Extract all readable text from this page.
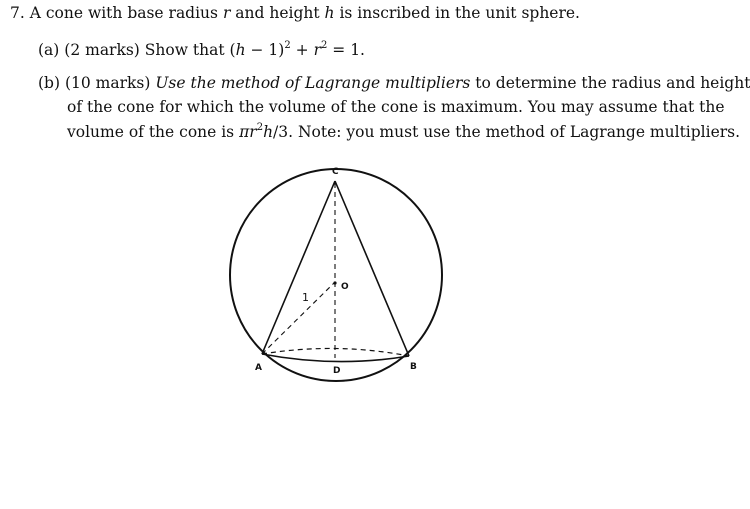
7. A cone with base radius r and height h is inscribed in the unit sphere.
(a) (2 marks) Show that $(h - 1)^2 + r^2 = 1$.
(b) (10 marks) Use the method of Lagrange multipliers to determine the radius and height
of the cone for which the volume of the cone is maximum. You may assume that the
volume of the cone is $\pi r^2h/3$. Note: you must use the method of Lagrange multipliers.
C
O
1
A	D	B
